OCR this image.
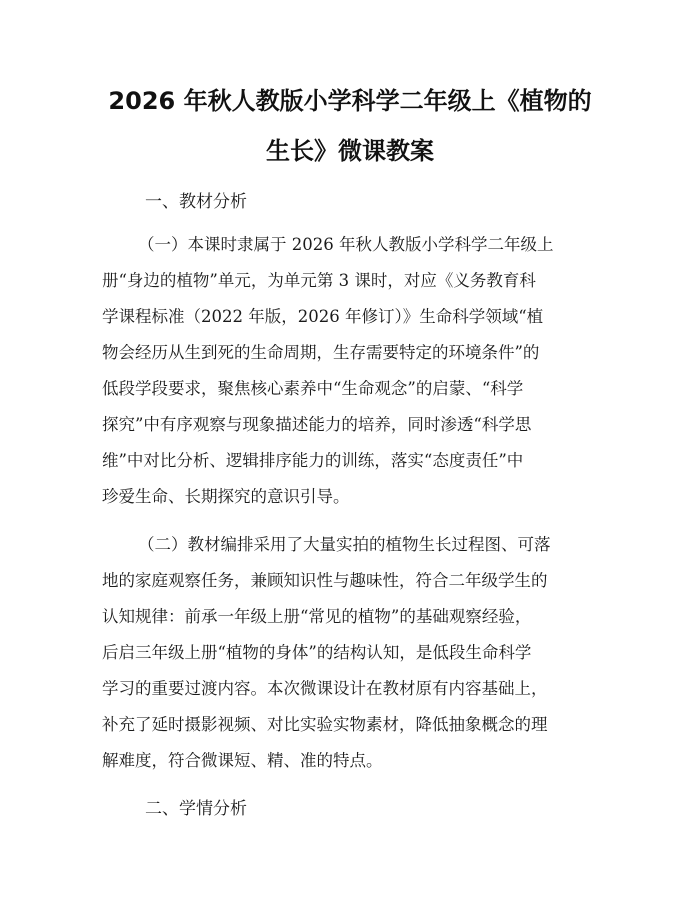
2026 年秋人教版小学科学二年级上《植物的
生长》微课教案
一、教材分析
（一）本课时隶属于 2026 年秋人教版小学科学二年级上
册“身边的植物”单元，为单元第 3 课时，对应《义务教育科
学课程标准（2022 年版，2026 年修订）》生命科学领域“植
物会经历从生到死的生命周期，生存需要特定的环境条件”的
低段学段要求，聚焦核心素养中“生命观念”的启蒙、“科学
探究”中有序观察与现象描述能力的培养，同时渗透“科学思
维”中对比分析、逻辑排序能力的训练，落实“态度责任”中
珍爱生命、长期探究的意识引导。
（二）教材编排采用了大量实拍的植物生长过程图、可落
地的家庭观察任务，兼顾知识性与趣味性，符合二年级学生的
认知规律：前承一年级上册“常见的植物”的基础观察经验，
后启三年级上册“植物的身体”的结构认知，是低段生命科学
学习的重要过渡内容。本次微课设计在教材原有内容基础上，
补充了延时摄影视频、对比实验实物素材，降低抽象概念的理
解难度，符合微课短、精、准的特点。
二、学情分析
